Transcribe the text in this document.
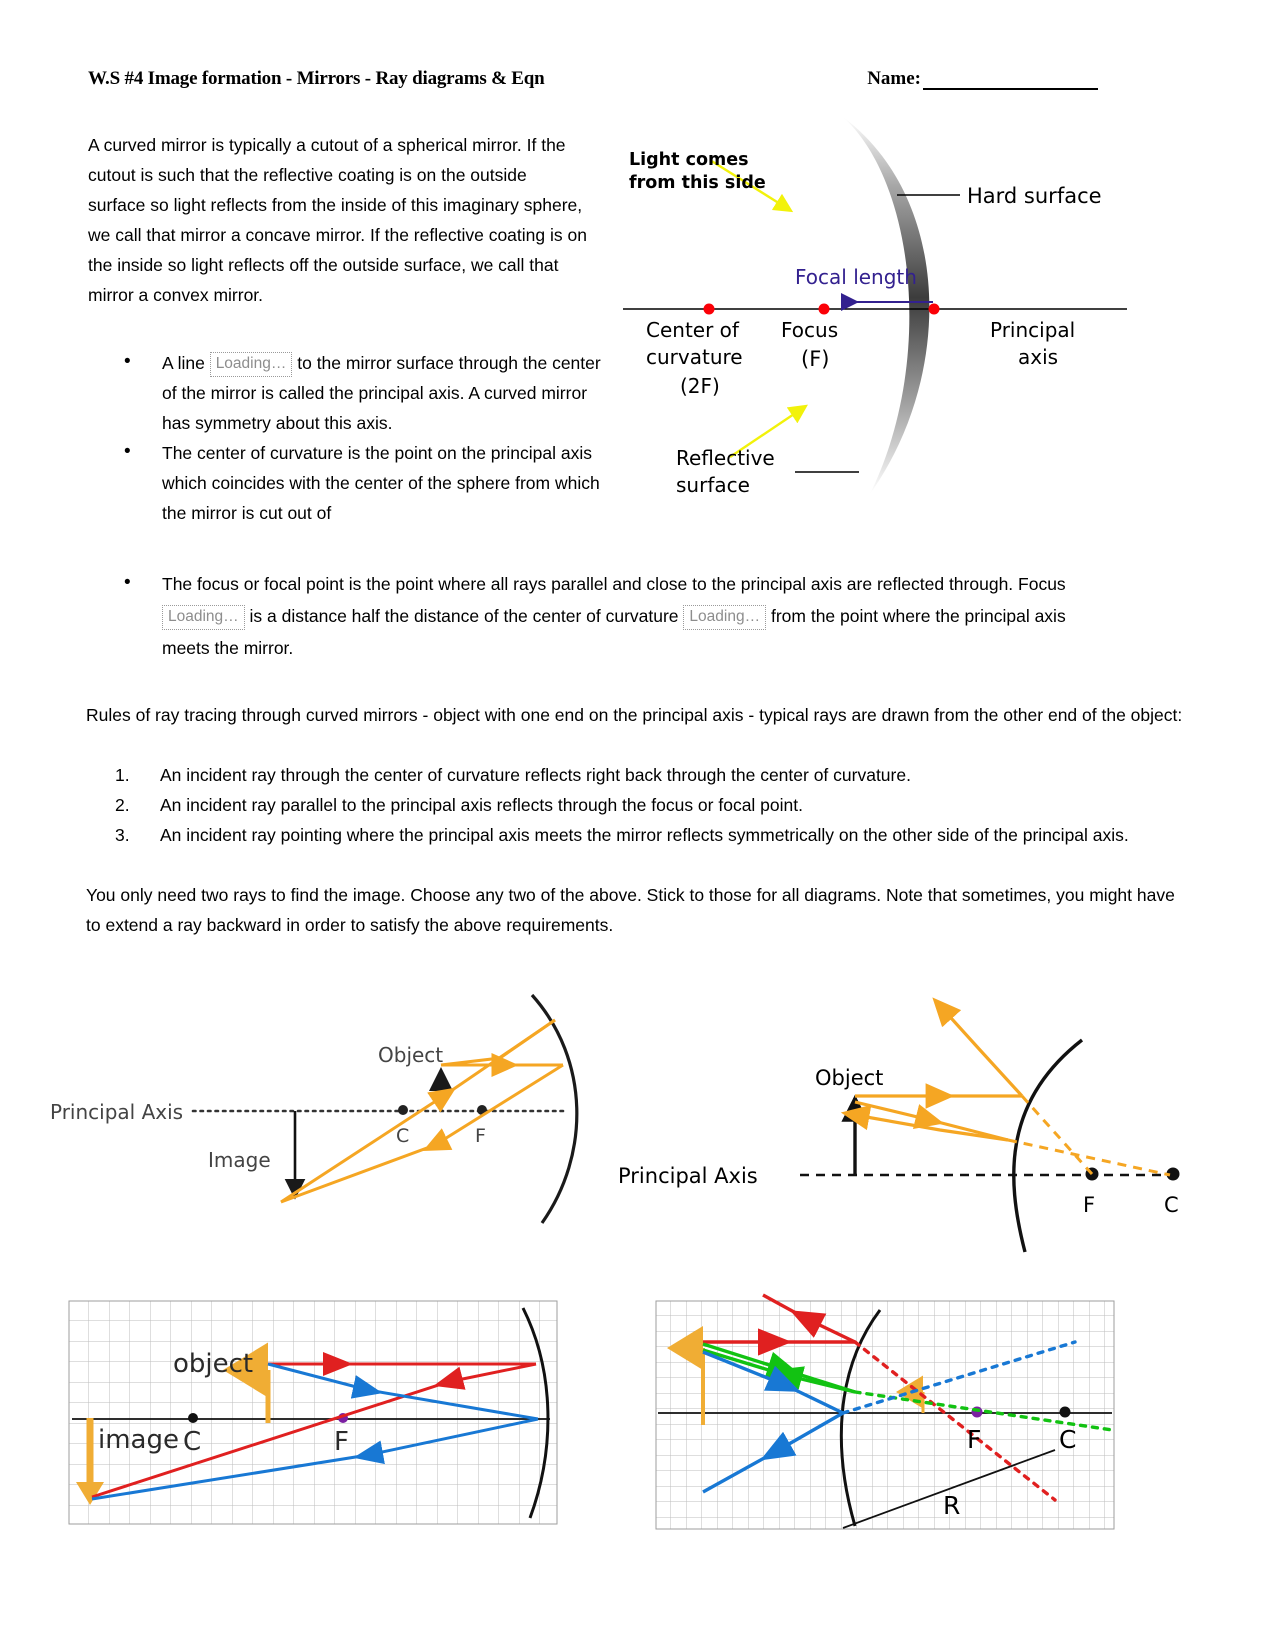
W.S #4 Image formation - Mirrors - Ray diagrams & Eqn	Name:
A curved mirror is typically a cutout of a spherical mirror. If the cutout is such that the reflective coating is on the outside surface so light reflects from the inside of this imaginary sphere, we call that mirror a concave mirror. If the reflective coating is on the inside so light reflects off the outside surface, we call that mirror a convex mirror.
• A line Loading… to the mirror surface through the center of the mirror is called the principal axis. A curved mirror has symmetry about this axis.
• The center of curvature is the point on the principal axis which coincides with the center of the sphere from which the mirror is cut out of
• The focus or focal point is the point where all rays parallel and close to the principal axis are reflected through. Focus Loading… is a distance half the distance of the center of curvature Loading… from the point where the principal axis meets the mirror.
Rules of ray tracing through curved mirrors - object with one end on the principal axis - typical rays are drawn from the other end of the object:
An incident ray through the center of curvature reflects right back through the center of curvature.
An incident ray parallel to the principal axis reflects through the focus or focal point.
An incident ray pointing where the principal axis meets the mirror reflects symmetrically on the other side of the principal axis.
You only need two rays to find the image. Choose any two of the above. Stick to those for all diagrams. Note that sometimes, you might have to extend a ray backward in order to satisfy the above requirements.
Light comes
from this side
Hard surface
Focal length
Center of
curvature
(2F)
Focus
(F)
Principal
axis
Reflective
surface
Principal Axis
Object
Image
C	F
Principal Axis
Object
F	C
object
image C	F	F	C
R
